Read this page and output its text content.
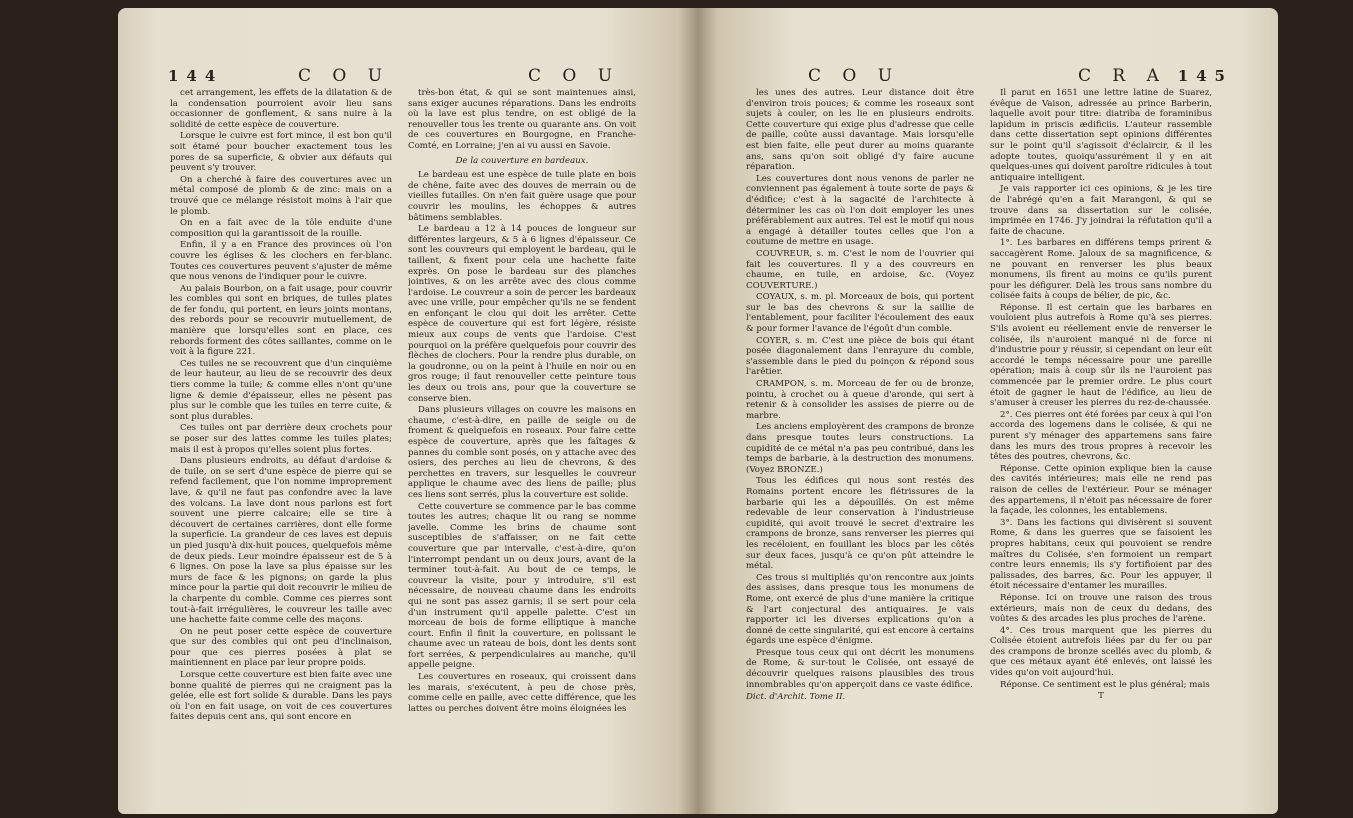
144	C O U	C O U

cet arrangement, les effets de la dilatation & de la condensation pourroient avoir lieu sans occasionner de gonflement, & sans nuire à la solidité de cette espèce de couverture.

Lorsque le cuivre est fort mince, il est bon qu'il soit étamé pour boucher exactement tous les pores de sa superficie, & obvier aux défauts qui peuvent s'y trouver.

On a cherché à faire des couvertures avec un métal composé de plomb & de zinc: mais on a trouvé que ce mélange résistoit moins à l'air que le plomb.

On en a fait avec de la tôle enduite d'une composition qui la garantissoit de la rouille.

Enfin, il y a en France des provinces où l'on couvre les églises & les clochers en fer-blanc. Toutes ces couvertures peuvent s'ajuster de même que nous venons de l'indiquer pour le cuivre.

Au palais Bourbon, on a fait usage, pour couvrir les combles qui sont en briques, de tuiles plates de fer fondu, qui portent, en leurs joints montans, des rebords pour se recouvrir mutuellement, de manière que lorsqu'elles sont en place, ces rebords forment des côtes saillantes, comme on le voit à la figure 221.

Ces tuiles ne se recouvrent que d'un cinquième de leur hauteur, au lieu de se recouvrir des deux tiers comme la tuile; & comme elles n'ont qu'une ligne & demie d'épaisseur, elles ne pèsent pas plus sur le comble que les tuiles en terre cuite, & sont plus durables.

Ces tuiles ont par derrière deux crochets pour se poser sur des lattes comme les tuiles plates; mais il est à propos qu'elles soient plus fortes.

Dans plusieurs endroits, au défaut d'ardoise & de tuile, on se sert d'une espèce de pierre qui se refend facilement, que l'on nomme improprement lave, & qu'il ne faut pas confondre avec la lave des volcans. La lave dont nous parlons est fort souvent une pierre calcaire; elle se tire à découvert de certaines carrières, dont elle forme la superficie. La grandeur de ces laves est depuis un pied jusqu'à dix-huit pouces, quelquefois même de deux pieds. Leur moindre épaisseur est de 5 à 6 lignes. On pose la lave sa plus épaisse sur les murs de face & les pignons; on garde la plus mince pour la partie qui doit recouvrir le milieu de la charpente du comble. Comme ces pierres sont tout-à-fait irrégulières, le couvreur les taille avec une hachette faite comme celle des maçons.

On ne peut poser cette espèce de couverture que sur des combles qui ont peu d'inclinaison, pour que ces pierres posées à plat se maintiennent en place par leur propre poids.

Lorsque cette couverture est bien faite avec une bonne qualité de pierres qui ne craignent pas la gelée, elle est fort solide & durable. Dans les pays où l'on en fait usage, on voit de ces couvertures faites depuis cent ans, qui sont encore en

très-bon état, & qui se sont maintenues ainsi, sans exiger aucunes réparations. Dans les endroits où la lave est plus tendre, on est obligé de la renouveller tous les trente ou quarante ans. On voit de ces couvertures en Bourgogne, en Franche-Comté, en Lorraine; j'en ai vu aussi en Savoie.

De la couverture en bardeaux.

Le bardeau est une espèce de tuile plate en bois de chêne, faite avec des douves de merrain ou de vieilles futailles. On n'en fait guère usage que pour couvrir les moulins, les échoppes & autres bâtimens semblables.

Le bardeau a 12 à 14 pouces de longueur sur différentes largeurs, & 5 à 6 lignes d'épaisseur. Ce sont les couvreurs qui employent le bardeau, qui le taillent, & fixent pour cela une hachette faite exprès. On pose le bardeau sur des planches jointives, & on les arrête avec des clous comme l'ardoise. Le couvreur a soin de percer les bardeaux avec une vrille, pour empêcher qu'ils ne se fendent en enfonçant le clou qui doit les arrêter. Cette espèce de couverture qui est fort légère, résiste mieux aux coups de vents que l'ardoise. C'est pourquoi on la préfère quelquefois pour couvrir des flèches de clochers. Pour la rendre plus durable, on la goudronne, ou on la peint à l'huile en noir ou en gros rouge; il faut renouveller cette peinture tous les deux ou trois ans, pour que la couverture se conserve bien.

Dans plusieurs villages on couvre les maisons en chaume, c'est-à-dire, en paille de seigle ou de froment & quelquefois en roseaux. Pour faire cette espèce de couverture, après que les faîtages & pannes du comble sont posés, on y attache avec des osiers, des perches au lieu de chevrons, & des perchettes en travers, sur lesquelles le couvreur applique le chaume avec des liens de paille; plus ces liens sont serrés, plus la couverture est solide.

Cette couverture se commence par le bas comme toutes les autres; chaque lit ou rang se nomme javelle. Comme les brins de chaume sont susceptibles de s'affaisser, on ne fait cette couverture que par intervalle, c'est-à-dire, qu'on l'interrompt pendant un ou deux jours, avant de la terminer tout-à-fait. Au bout de ce temps, le couvreur la visite, pour y introduire, s'il est nécessaire, de nouveau chaume dans les endroits qui ne sont pas assez garnis; il se sert pour cela d'un instrument qu'il appelle palette. C'est un morceau de bois de forme elliptique à manche court. Enfin il finit la couverture, en polissant le chaume avec un rateau de bois, dont les dents sont fort serrées, & perpendiculaires au manche, qu'il appelle peigne.

Les couvertures en roseaux, qui croissent dans les marais, s'exécutent, à peu de chose près, comme celle en paille, avec cette différence, que les lattes ou perches doivent être moins éloignées les

C O U	C R A 145

les unes des autres. Leur distance doit être d'environ trois pouces; & comme les roseaux sont sujets à couler, on les lie en plusieurs endroits. Cette couverture qui exige plus d'adresse que celle de paille, coûte aussi davantage. Mais lorsqu'elle est bien faite, elle peut durer au moins quarante ans, sans qu'on soit obligé d'y faire aucune réparation.

Les couvertures dont nous venons de parler ne conviennent pas également à toute sorte de pays & d'édifice; c'est à la sagacité de l'architecte à déterminer les cas où l'on doit employer les unes préférablement aux autres. Tel est le motif qui nous a engagé à détailler toutes celles que l'on a coutume de mettre en usage.

COUVREUR, s. m. C'est le nom de l'ouvrier qui fait les couvertures. Il y a des couvreurs en chaume, en tuile, en ardoise, &c. (Voyez COUVERTURE.)

COYAUX, s. m. pl. Morceaux de bois, qui portent sur le bas des chevrons & sur la saillie de l'entablement, pour faciliter l'écoulement des eaux & pour former l'avance de l'égoût d'un comble.

COYER, s. m. C'est une pièce de bois qui étant posée diagonalement dans l'enrayure du comble, s'assemble dans le pied du poinçon & répond sous l'arêtier.

CRAMPON, s. m. Morceau de fer ou de bronze, pointu, à crochet ou à queue d'aronde, qui sert à retenir & à consolider les assises de pierre ou de marbre.

Les anciens employèrent des crampons de bronze dans presque toutes leurs constructions. La cupidité de ce métal n'a pas peu contribué, dans les temps de barbarie, à la destruction des monumens. (Voyez BRONZE.)

Tous les édifices qui nous sont restés des Romains portent encore les flétrissures de la barbarie qui les a dépouillés. On est même redevable de leur conservation à l'industrieuse cupidité, qui avoit trouvé le secret d'extraire les crampons de bronze, sans renverser les pierres qui les recéloient, en fouillant les blocs par les côtés sur deux faces, jusqu'à ce qu'on pût atteindre le métal.

Ces trous si multipliés qu'on rencontre aux joints des assises, dans presque tous les monumens de Rome, ont exercé de plus d'une manière la critique & l'art conjectural des antiquaires. Je vais rapporter ici les diverses explications qu'on a donné de cette singularité, qui est encore à certains égards une espèce d'énigme.

Presque tous ceux qui ont décrit les monumens de Rome, & sur-tout le Colisée, ont essayé de découvrir quelques raisons plausibles des trous innombrables qu'on apperçoit dans ce vaste édifice.

Dict. d'Archit. Tome II.

Il parut en 1651 une lettre latine de Suarez, évêque de Vaison, adressée au prince Barberin, laquelle avoit pour titre: diatriba de foraminibus lapidum in priscis ædificiis. L'auteur rassemble dans cette dissertation sept opinions différentes sur le point qu'il s'agissoit d'éclaircir, & il les adopte toutes, quoiqu'assurément il y en ait quelques-unes qui doivent paroître ridicules à tout antiquaire intelligent.

Je vais rapporter ici ces opinions, & je les tire de l'abrégé qu'en a fait Marangoni, & qui se trouve dans sa dissertation sur le colisée, imprimée en 1746. J'y joindrai la réfutation qu'il a faite de chacune.

1°. Les barbares en différens temps prirent & saccagèrent Rome. Jaloux de sa magnificence, & ne pouvant en renverser les plus beaux monumens, ils firent au moins ce qu'ils purent pour les défigurer. Delà les trous sans nombre du colisée faits à coups de bélier, de pic, &c.

Réponse. Il est certain que les barbares en vouloient plus autrefois à Rome qu'à ses pierres. S'ils avoient eu réellement envie de renverser le colisée, ils n'auroient manqué ni de force ni d'industrie pour y réussir, si cependant on leur eût accordé le temps nécessaire pour une pareille opération; mais à coup sûr ils ne l'auroient pas commencée par le premier ordre. Le plus court étoit de gagner le haut de l'édifice, au lieu de s'amuser à creuser les pierres du rez-de-chaussée.

2°. Ces pierres ont été forées par ceux à qui l'on accorda des logemens dans le colisée, & qui ne purent s'y ménager des appartemens sans faire dans les murs des trous propres à recevoir les têtes des poutres, chevrons, &c.

Réponse. Cette opinion explique bien la cause des cavités intérieures; mais elle ne rend pas raison de celles de l'extérieur. Pour se ménager des appartemens, il n'étoit pas nécessaire de forer la façade, les colonnes, les entablemens.

3°. Dans les factions qui divisèrent si souvent Rome, & dans les guerres que se faisoient les propres habitans, ceux qui pouvoient se rendre maîtres du Colisée, s'en formoient un rempart contre leurs ennemis; ils s'y fortifioient par des palissades, des barres, &c. Pour les appuyer, il étoit nécessaire d'entamer les murailles.

Réponse. Ici on trouve une raison des trous extérieurs, mais non de ceux du dedans, des voûtes & des arcades les plus proches de l'arène.

4°. Ces trous marquent que les pierres du Colisée étoient autrefois liées par du fer ou par des crampons de bronze scellés avec du plomb, & que ces métaux ayant été enlevés, ont laissé les vides qu'on voit aujourd'hui.

Réponse. Ce sentiment est le plus général; mais

T
